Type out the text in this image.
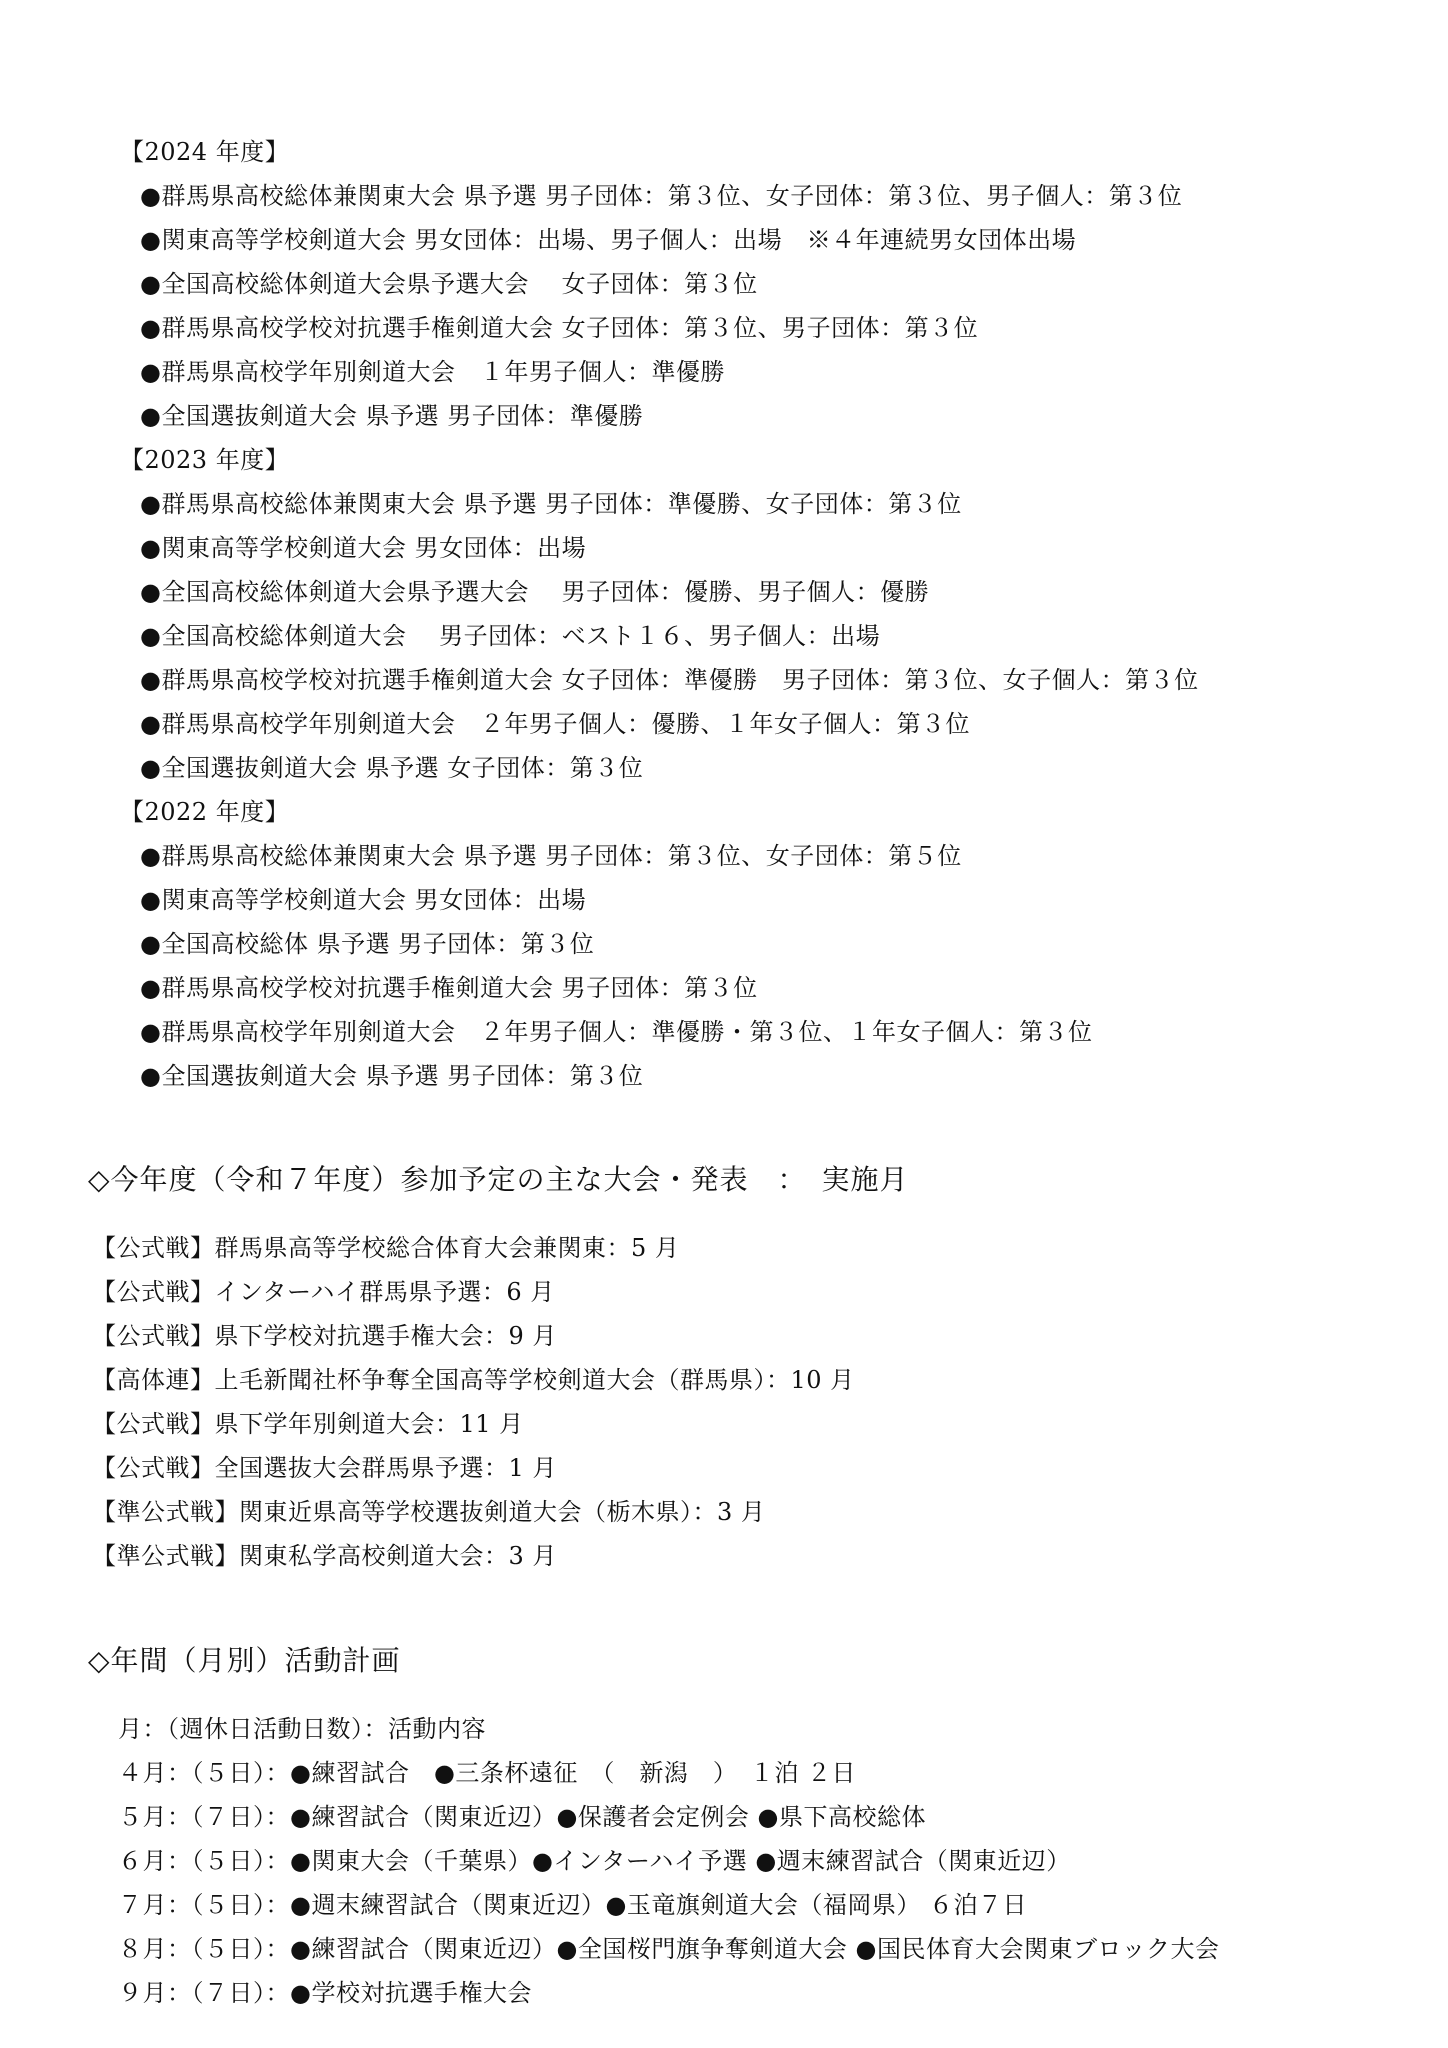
【2024 年度】
●群馬県高校総体兼関東大会 県予選 男子団体：第３位、女子団体：第３位、男子個人：第３位
●関東高等学校剣道大会 男女団体：出場、男子個人：出場　※４年連続男女団体出場
●全国高校総体剣道大会県予選大会　 女子団体：第３位
●群馬県高校学校対抗選手権剣道大会 女子団体：第３位、男子団体：第３位
●群馬県高校学年別剣道大会　１年男子個人：準優勝
●全国選抜剣道大会 県予選 男子団体：準優勝
【2023 年度】
●群馬県高校総体兼関東大会 県予選 男子団体：準優勝、女子団体：第３位
●関東高等学校剣道大会 男女団体：出場
●全国高校総体剣道大会県予選大会　 男子団体：優勝、男子個人：優勝
●全国高校総体剣道大会　 男子団体：ベスト１６、男子個人：出場
●群馬県高校学校対抗選手権剣道大会 女子団体：準優勝　男子団体：第３位、女子個人：第３位
●群馬県高校学年別剣道大会　２年男子個人：優勝、１年女子個人：第３位
●全国選抜剣道大会 県予選 女子団体：第３位
【2022 年度】
●群馬県高校総体兼関東大会 県予選 男子団体：第３位、女子団体：第５位
●関東高等学校剣道大会 男女団体：出場
●全国高校総体 県予選 男子団体：第３位
●群馬県高校学校対抗選手権剣道大会 男子団体：第３位
●群馬県高校学年別剣道大会　２年男子個人：準優勝・第３位、１年女子個人：第３位
●全国選抜剣道大会 県予選 男子団体：第３位
◇今年度（令和７年度）参加予定の主な大会・発表　：　実施月
【公式戦】群馬県高等学校総合体育大会兼関東：5 月
【公式戦】インターハイ群馬県予選：6 月
【公式戦】県下学校対抗選手権大会：9 月
【高体連】上毛新聞社杯争奪全国高等学校剣道大会（群馬県）：10 月
【公式戦】県下学年別剣道大会：11 月
【公式戦】全国選抜大会群馬県予選：1 月
【準公式戦】関東近県高等学校選抜剣道大会（栃木県）：3 月
【準公式戦】関東私学高校剣道大会：3 月
◇年間（月別）活動計画
月：（週休日活動日数）：活動内容
４月：（５日）：●練習試合　●三条杯遠征　（　新潟　）　１泊 ２日
５月：（７日）：●練習試合（関東近辺）●保護者会定例会 ●県下高校総体
６月：（５日）：●関東大会（千葉県）●インターハイ予選 ●週末練習試合（関東近辺）
７月：（５日）：●週末練習試合（関東近辺）●玉竜旗剣道大会（福岡県） ６泊７日
８月：（５日）：●練習試合（関東近辺）●全国桜門旗争奪剣道大会 ●国民体育大会関東ブロック大会
９月：（７日）：●学校対抗選手権大会
